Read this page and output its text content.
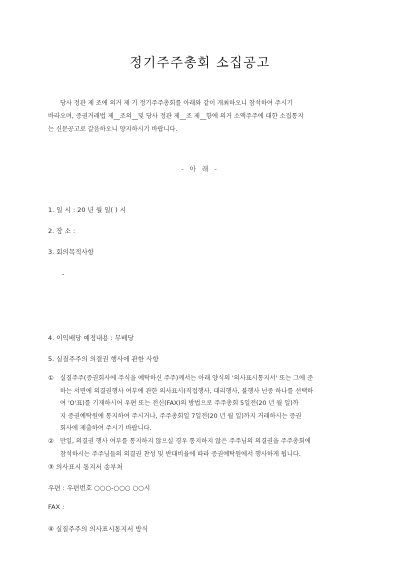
정기주주총회 소집공고

당사 정관 제 조에 의거 제 기 정기주주총회를 아래와 같이 개최하오니 참석하여 주시기

바라오며, 증권거래법 제__조의__및 당사 정관 제__조 제__항에 의거 소액주주에 대한 소집통지

는 신문공고로 갈음하오니 양지하시기 바랍니다.

- 아 래 -
1. 일 시 : 20 년 월 일( ) 시
2. 장 소 :
3. 회의목적사항
-
4. 이익배당 예정내용 : 무배당
5. 실질주주의 의결권 행사에 관한 사항
①	실질주주(증권회사에 주식을 예탁하신 주주)께서는 아래 양식의 '의사표시통지서' 또는 그에 준
하는 서면에 의결권행사 여부에 관한 의사표시(직접행사, 대리행사, 불행사 넌중 하나를 선택하
여 'O'표)를 기재하시어 우편 또는 전신(FAX)의 방법으로 주주총회 5일전(20 년 월 일)까
지 증권예탁원에 통지하여 주시거나, 주주총회일 7일전(20 년 월 일)까지 거래하시는 증권
회사에 제출하여 주시기 바랍니다.
②	만일, 의결권 행사 여부를 통지하지 않으실 경우 통지하지 않은 주주님의 의결권을 주주총회에
참석하시는 주주님들의 의결권 찬성 및 반대비율에 따라 증권예탁원에서 행사하게 됩니다.
③ 의사표시 통지서 송부처
우편 : 우편번호 ○○○-○○○ ○○시
FAX :
④ 실질주주의 의사표시통지서 방식
